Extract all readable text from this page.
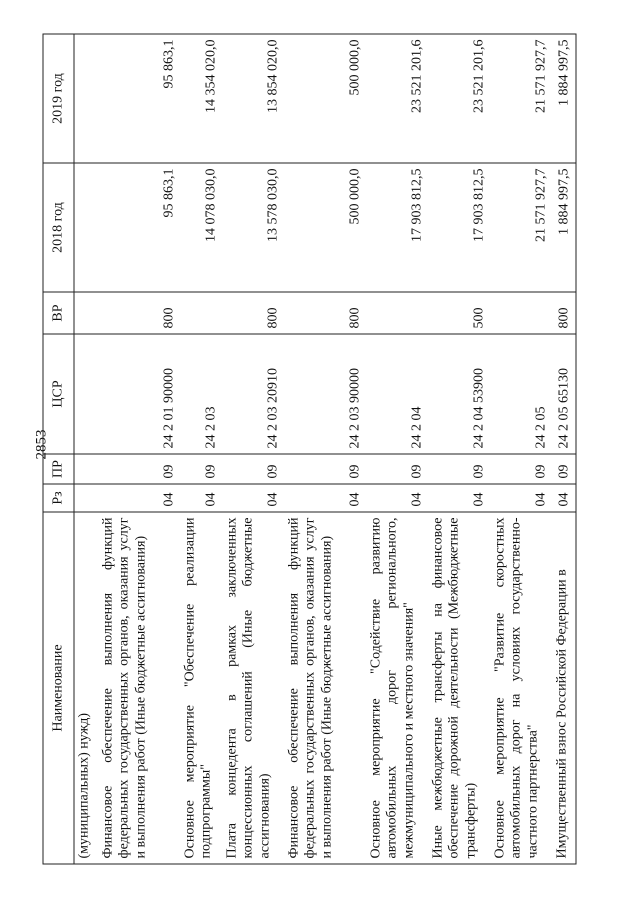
2853
Наименование	Рз	ПР	ЦСР	ВР	2018 год	2019 год
(муниципальных) нужд)						
Финансовое обеспечение выполнения функций федеральных государственных органов, оказания услуг и выполнения работ (Иные бюджетные ассигнования)	04	09	24 2 01 90000	800	95 863,1	95 863,1
Основное мероприятие "Обеспечение реализации подпрограммы"	04	09	24 2 03		14 078 030,0	14 354 020,0
Плата концедента в рамках заключенных концессионных соглашений (Иные бюджетные ассигнования)	04	09	24 2 03 20910	800	13 578 030,0	13 854 020,0
Финансовое обеспечение выполнения функций федеральных государственных органов, оказания услуг и выполнения работ (Иные бюджетные ассигнования)	04	09	24 2 03 90000	800	500 000,0	500 000,0
Основное мероприятие "Содействие развитию автомобильных дорог регионального, межмуниципального и местного значения"	04	09	24 2 04		17 903 812,5	23 521 201,6
Иные межбюджетные трансферты на финансовое обеспечение дорожной деятельности (Межбюджетные трансферты)	04	09	24 2 04 53900	500	17 903 812,5	23 521 201,6
Основное мероприятие "Развитие скоростных автомобильных дорог на условиях государственно-частного партнерства"	04	09	24 2 05		21 571 927,7	21 571 927,7
Имущественный взнос Российской Федерации в	04	09	24 2 05 65130	800	1 884 997,5	1 884 997,5
